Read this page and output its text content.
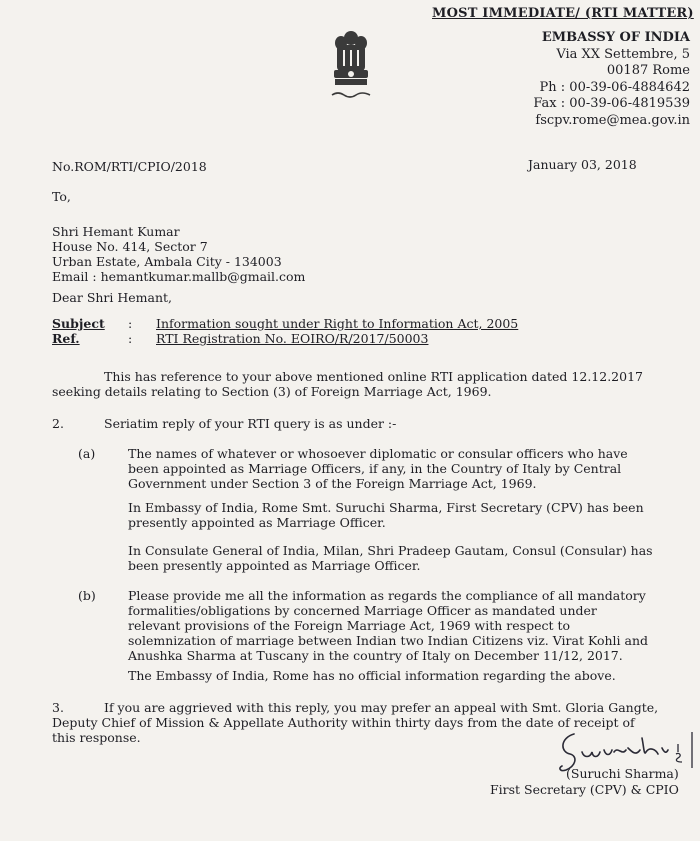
MOST IMMEDIATE/ (RTI MATTER)
EMBASSY OF INDIA
Via XX Settembre, 5
00187 Rome
Ph : 00-39-06-4884642
Fax : 00-39-06-4819539
fscpv.rome@mea.gov.in
No.ROM/RTI/CPIO/2018	January 03, 2018
To,
Shri Hemant Kumar
House No. 414, Sector 7
Urban Estate, Ambala City - 134003
Email : hemantkumar.mallb@gmail.com
Dear Shri Hemant,
Subject : Information sought under Right to Information Act, 2005
Ref.	: RTI Registration No. EOIRO/R/2017/50003
This has reference to your above mentioned online RTI application dated 12.12.2017
seeking details relating to Section (3) of Foreign Marriage Act, 1969.
2.	Seriatim reply of your RTI query is as under :-
(a)	The names of whatever or whosoever diplomatic or consular officers who have
been appointed as Marriage Officers, if any, in the Country of Italy by Central
Government under Section 3 of the Foreign Marriage Act, 1969.
In Embassy of India, Rome Smt. Suruchi Sharma, First Secretary (CPV) has been
presently appointed as Marriage Officer.
In Consulate General of India, Milan, Shri Pradeep Gautam, Consul (Consular) has
been presently appointed as Marriage Officer.
(b)	Please provide me all the information as regards the compliance of all mandatory
formalities/obligations by concerned Marriage Officer as mandated under
relevant provisions of the Foreign Marriage Act, 1969 with respect to
solemnization of marriage between Indian two Indian Citizens viz. Virat Kohli and
Anushka Sharma at Tuscany in the country of Italy on December 11/12, 2017.
The Embassy of India, Rome has no official information regarding the above.
3.	If you are aggrieved with this reply, you may prefer an appeal with Smt. Gloria Gangte,
Deputy Chief of Mission & Appellate Authority within thirty days from the date of receipt of
this response.
(Suruchi Sharma)
First Secretary (CPV) & CPIO
